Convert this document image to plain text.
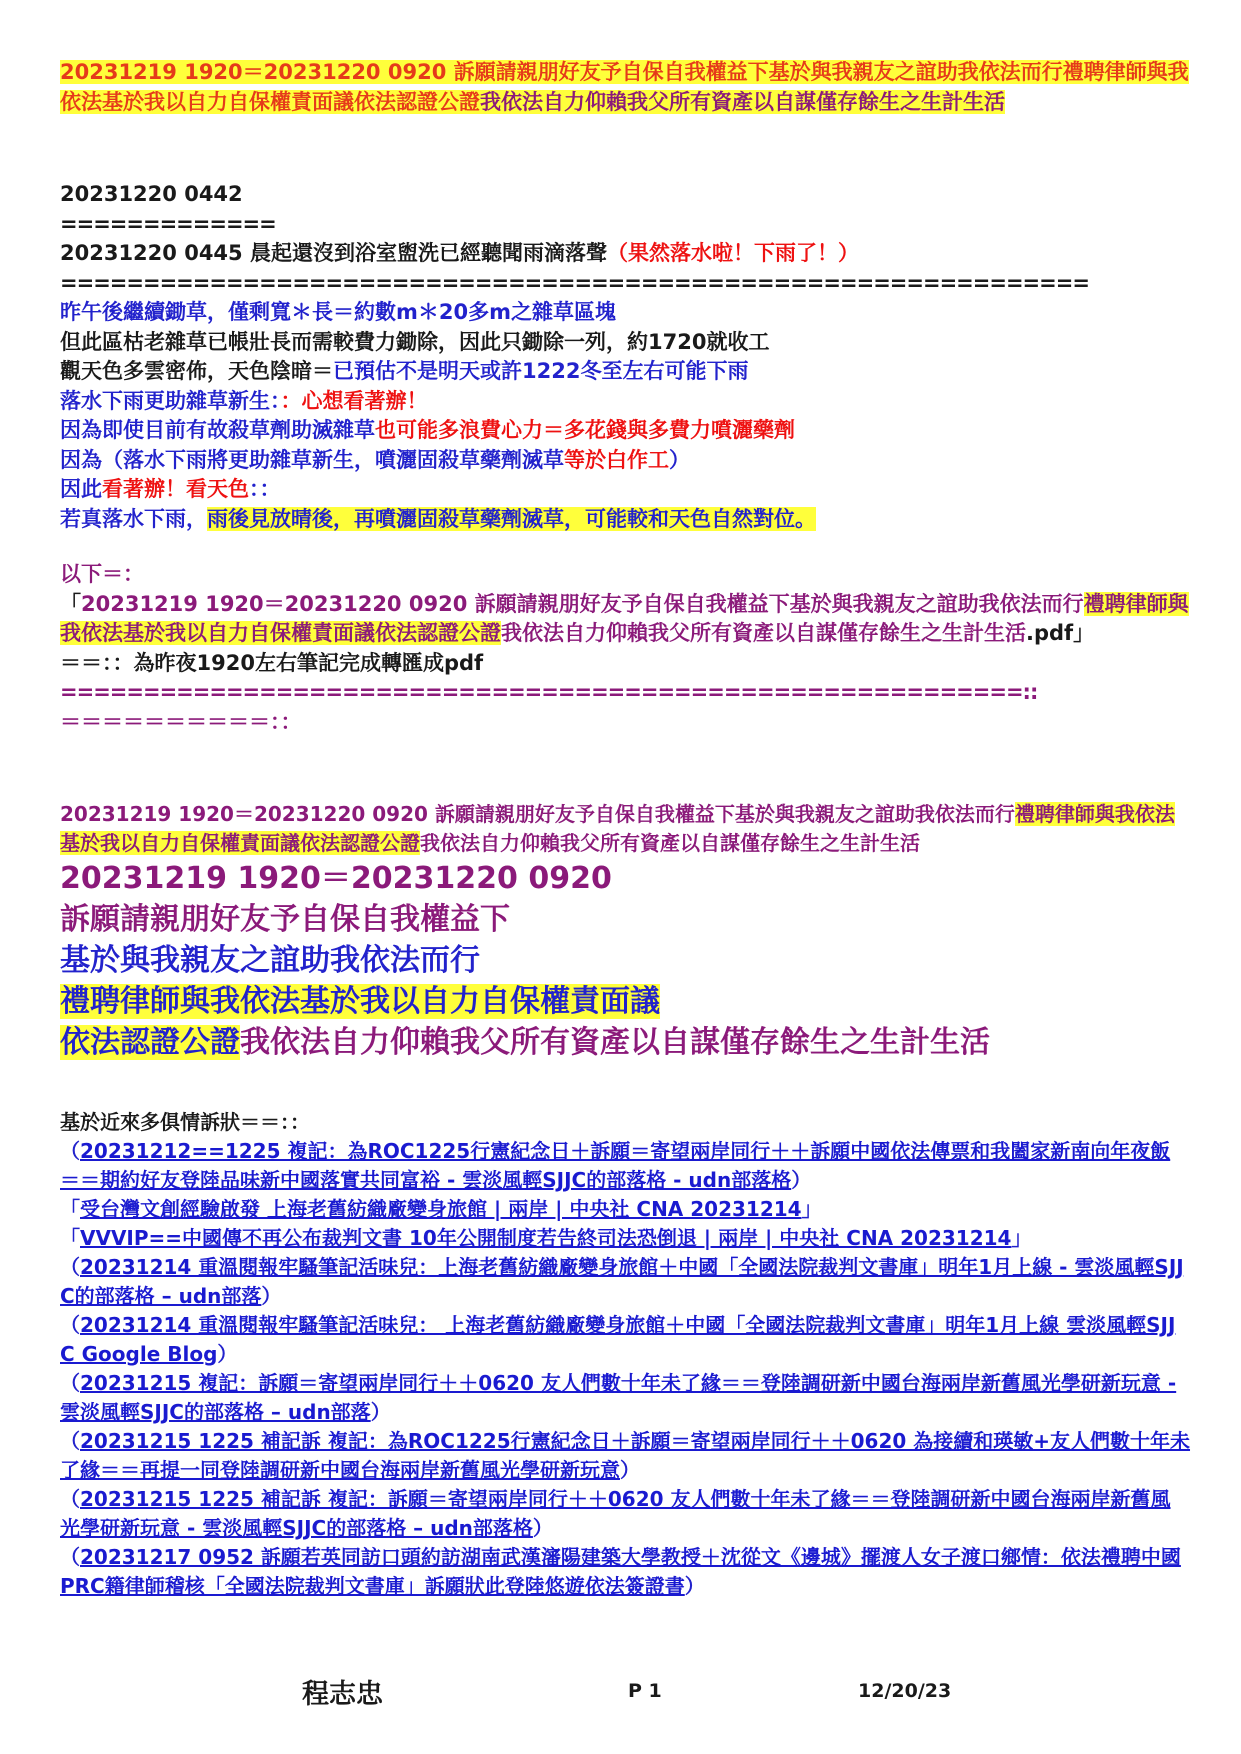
20231219 1920＝20231220 0920 訴願請親朋好友予自保自我權益下基於與我親友之誼助我依法而行禮聘律師與我依法基於我以自力自保權責面議依法認證公證我依法自力仰賴我父所有資產以自謀僅存餘生之生計生活

20231220 0442

=============

20231220 0445 晨起還沒到浴室盥洗已經聽聞雨滴落聲（果然落水啦！下雨了！）

==============================================================

昨午後繼續鋤草，僅剩寬＊長＝約數m＊20多m之雜草區塊

但此區枯老雜草已帳壯長而需較費力鋤除，因此只鋤除一列，約1720就收工

觀天色多雲密佈，天色陰暗＝已預估不是明天或許1222冬至左右可能下雨

落水下雨更助雜草新生：：心想看著辦！

因為即使目前有故殺草劑助滅雜草也可能多浪費心力＝多花錢與多費力噴灑藥劑

因為（落水下雨將更助雜草新生，噴灑固殺草藥劑滅草等於白作工）

因此看著辦！看天色：：

若真落水下雨，雨後見放晴後，再噴灑固殺草藥劑滅草，可能較和天色自然對位。

以下＝：

「20231219 1920＝20231220 0920 訴願請親朋好友予自保自我權益下基於與我親友之誼助我依法而行禮聘律師與我依法基於我以自力自保權責面議依法認證公證我依法自力仰賴我父所有資產以自謀僅存餘生之生計生活.pdf」

＝＝：：為昨夜1920左右筆記完成轉匯成pdf

==========================================================::

＝＝＝＝＝＝＝＝＝＝：：

20231219 1920＝20231220 0920 訴願請親朋好友予自保自我權益下基於與我親友之誼助我依法而行禮聘律師與我依法基於我以自力自保權責面議依法認證公證我依法自力仰賴我父所有資產以自謀僅存餘生之生計生活

20231219 1920＝20231220 0920

訴願請親朋好友予自保自我權益下

基於與我親友之誼助我依法而行

禮聘律師與我依法基於我以自力自保權責面議

依法認證公證我依法自力仰賴我父所有資產以自謀僅存餘生之生計生活

基於近來多俱情訴狀＝＝：：

（20231212==1225 複記：為ROC1225行憲紀念日＋訴願＝寄望兩岸同行＋＋訴願中國依法傳票和我闔家新南向年夜飯＝＝期約好友登陸品味新中國落實共同富裕 - 雲淡風輕SJJC的部落格 - udn部落格）

「受台灣文創經驗啟發 上海老舊紡織廠變身旅館 | 兩岸 | 中央社 CNA 20231214」

「VVVIP==中國傳不再公布裁判文書 10年公開制度若告終司法恐倒退 | 兩岸 | 中央社 CNA 20231214」

（20231214 重溫閱報牢騷筆記活味兒：上海老舊紡織廠變身旅館＋中國「全國法院裁判文書庫」明年1月上線 - 雲淡風輕SJJC的部落格 – udn部落）

（20231214 重溫閱報牢騷筆記活味兒： 上海老舊紡織廠變身旅館＋中國「全國法院裁判文書庫」明年1月上線 雲淡風輕SJJC Google Blog）

（20231215 複記：訴願＝寄望兩岸同行＋＋0620 友人們數十年未了緣＝＝登陸調研新中國台海兩岸新舊風光學研新玩意 - 雲淡風輕SJJC的部落格 – udn部落）

（20231215 1225 補記訴 複記：為ROC1225行憲紀念日＋訴願＝寄望兩岸同行＋＋0620 為接續和瑛敏+友人們數十年未了緣＝＝再提一同登陸調研新中國台海兩岸新舊風光學研新玩意）

（20231215 1225 補記訴 複記：訴願＝寄望兩岸同行＋＋0620 友人們數十年未了緣＝＝登陸調研新中國台海兩岸新舊風光學研新玩意 - 雲淡風輕SJJC的部落格 – udn部落格）

（20231217 0952 訴願若英同訪口頭約訪湖南武漢瀋陽建築大學教授＋沈從文《邊城》擺渡人女子渡口鄉情：依法禮聘中國PRC籍律師稽核「全國法院裁判文書庫」訴願狀此登陸悠遊依法簽證書）

程志忠	P 1	12/20/23
